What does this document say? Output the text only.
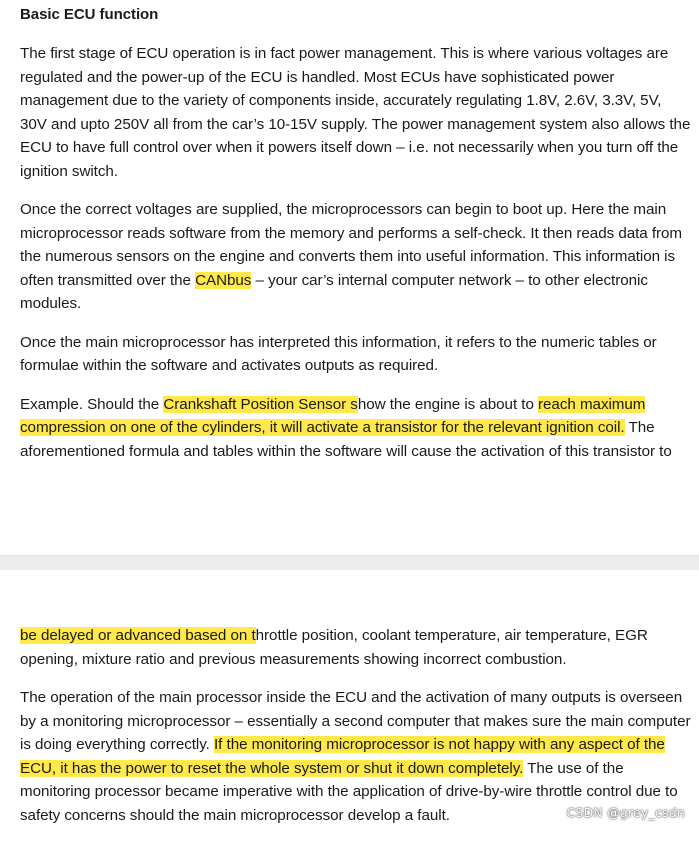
Basic ECU function

The first stage of ECU operation is in fact power management. This is where various voltages are regulated and the power-up of the ECU is handled. Most ECUs have sophisticated power management due to the variety of components inside, accurately regulating 1.8V, 2.6V, 3.3V, 5V, 30V and upto 250V all from the car’s 10-15V supply. The power management system also allows the ECU to have full control over when it powers itself down – i.e. not necessarily when you turn off the ignition switch.

Once the correct voltages are supplied, the microprocessors can begin to boot up. Here the main microprocessor reads software from the memory and performs a self-check. It then reads data from the numerous sensors on the engine and converts them into useful information. This information is often transmitted over the CANbus – your car’s internal computer network – to other electronic modules.

Once the main microprocessor has interpreted this information, it refers to the numeric tables or formulae within the software and activates outputs as required.

Example. Should the Crankshaft Position Sensor show the engine is about to reach maximum compression on one of the cylinders, it will activate a transistor for the relevant ignition coil. The aforementioned formula and tables within the software will cause the activation of this transistor to

be delayed or advanced based on throttle position, coolant temperature, air temperature, EGR opening, mixture ratio and previous measurements showing incorrect combustion.

The operation of the main processor inside the ECU and the activation of many outputs is overseen by a monitoring microprocessor – essentially a second computer that makes sure the main computer is doing everything correctly. If the monitoring microprocessor is not happy with any aspect of the ECU, it has the power to reset the whole system or shut it down completely. The use of the monitoring processor became imperative with the application of drive-by-wire throttle control due to safety concerns should the main microprocessor develop a fault.	CSDN @grey_csdn
